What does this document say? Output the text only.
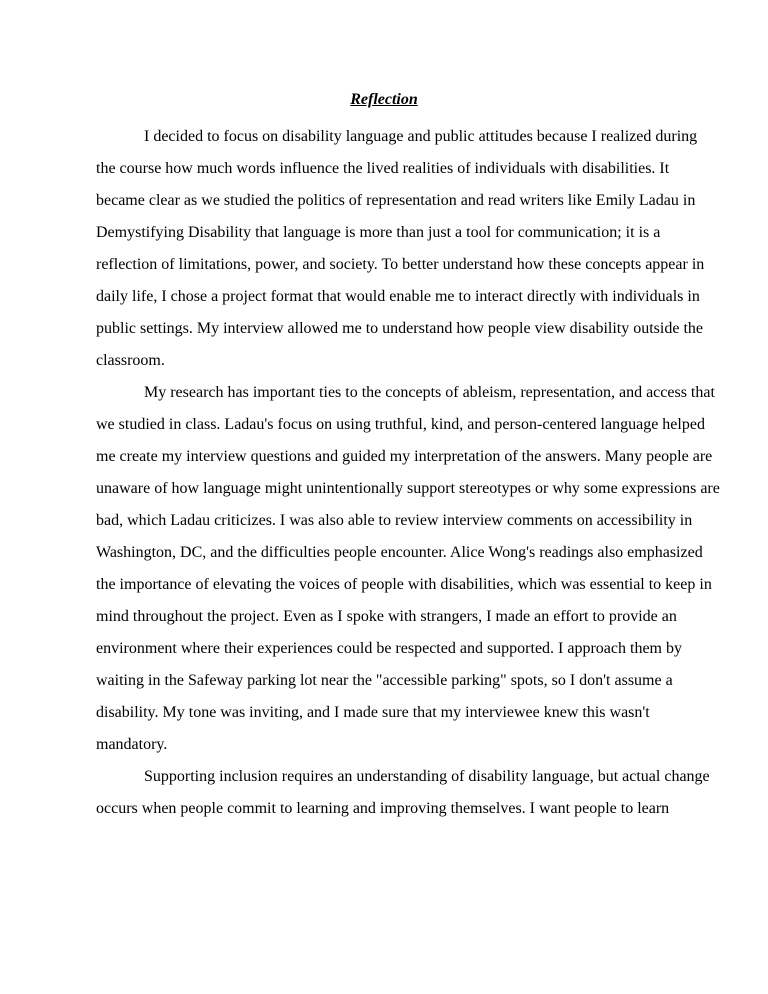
Reflection
I decided to focus on disability language and public attitudes because I realized during
the course how much words influence the lived realities of individuals with disabilities. It
became clear as we studied the politics of representation and read writers like Emily Ladau in
Demystifying Disability that language is more than just a tool for communication; it is a
reflection of limitations, power, and society. To better understand how these concepts appear in
daily life, I chose a project format that would enable me to interact directly with individuals in
public settings. My interview allowed me to understand how people view disability outside the
classroom.
My research has important ties to the concepts of ableism, representation, and access that
we studied in class. Ladau's focus on using truthful, kind, and person-centered language helped
me create my interview questions and guided my interpretation of the answers. Many people are
unaware of how language might unintentionally support stereotypes or why some expressions are
bad, which Ladau criticizes. I was also able to review interview comments on accessibility in
Washington, DC, and the difficulties people encounter. Alice Wong's readings also emphasized
the importance of elevating the voices of people with disabilities, which was essential to keep in
mind throughout the project. Even as I spoke with strangers, I made an effort to provide an
environment where their experiences could be respected and supported. I approach them by
waiting in the Safeway parking lot near the "accessible parking" spots, so I don't assume a
disability. My tone was inviting, and I made sure that my interviewee knew this wasn't
mandatory.
Supporting inclusion requires an understanding of disability language, but actual change
occurs when people commit to learning and improving themselves. I want people to learn
